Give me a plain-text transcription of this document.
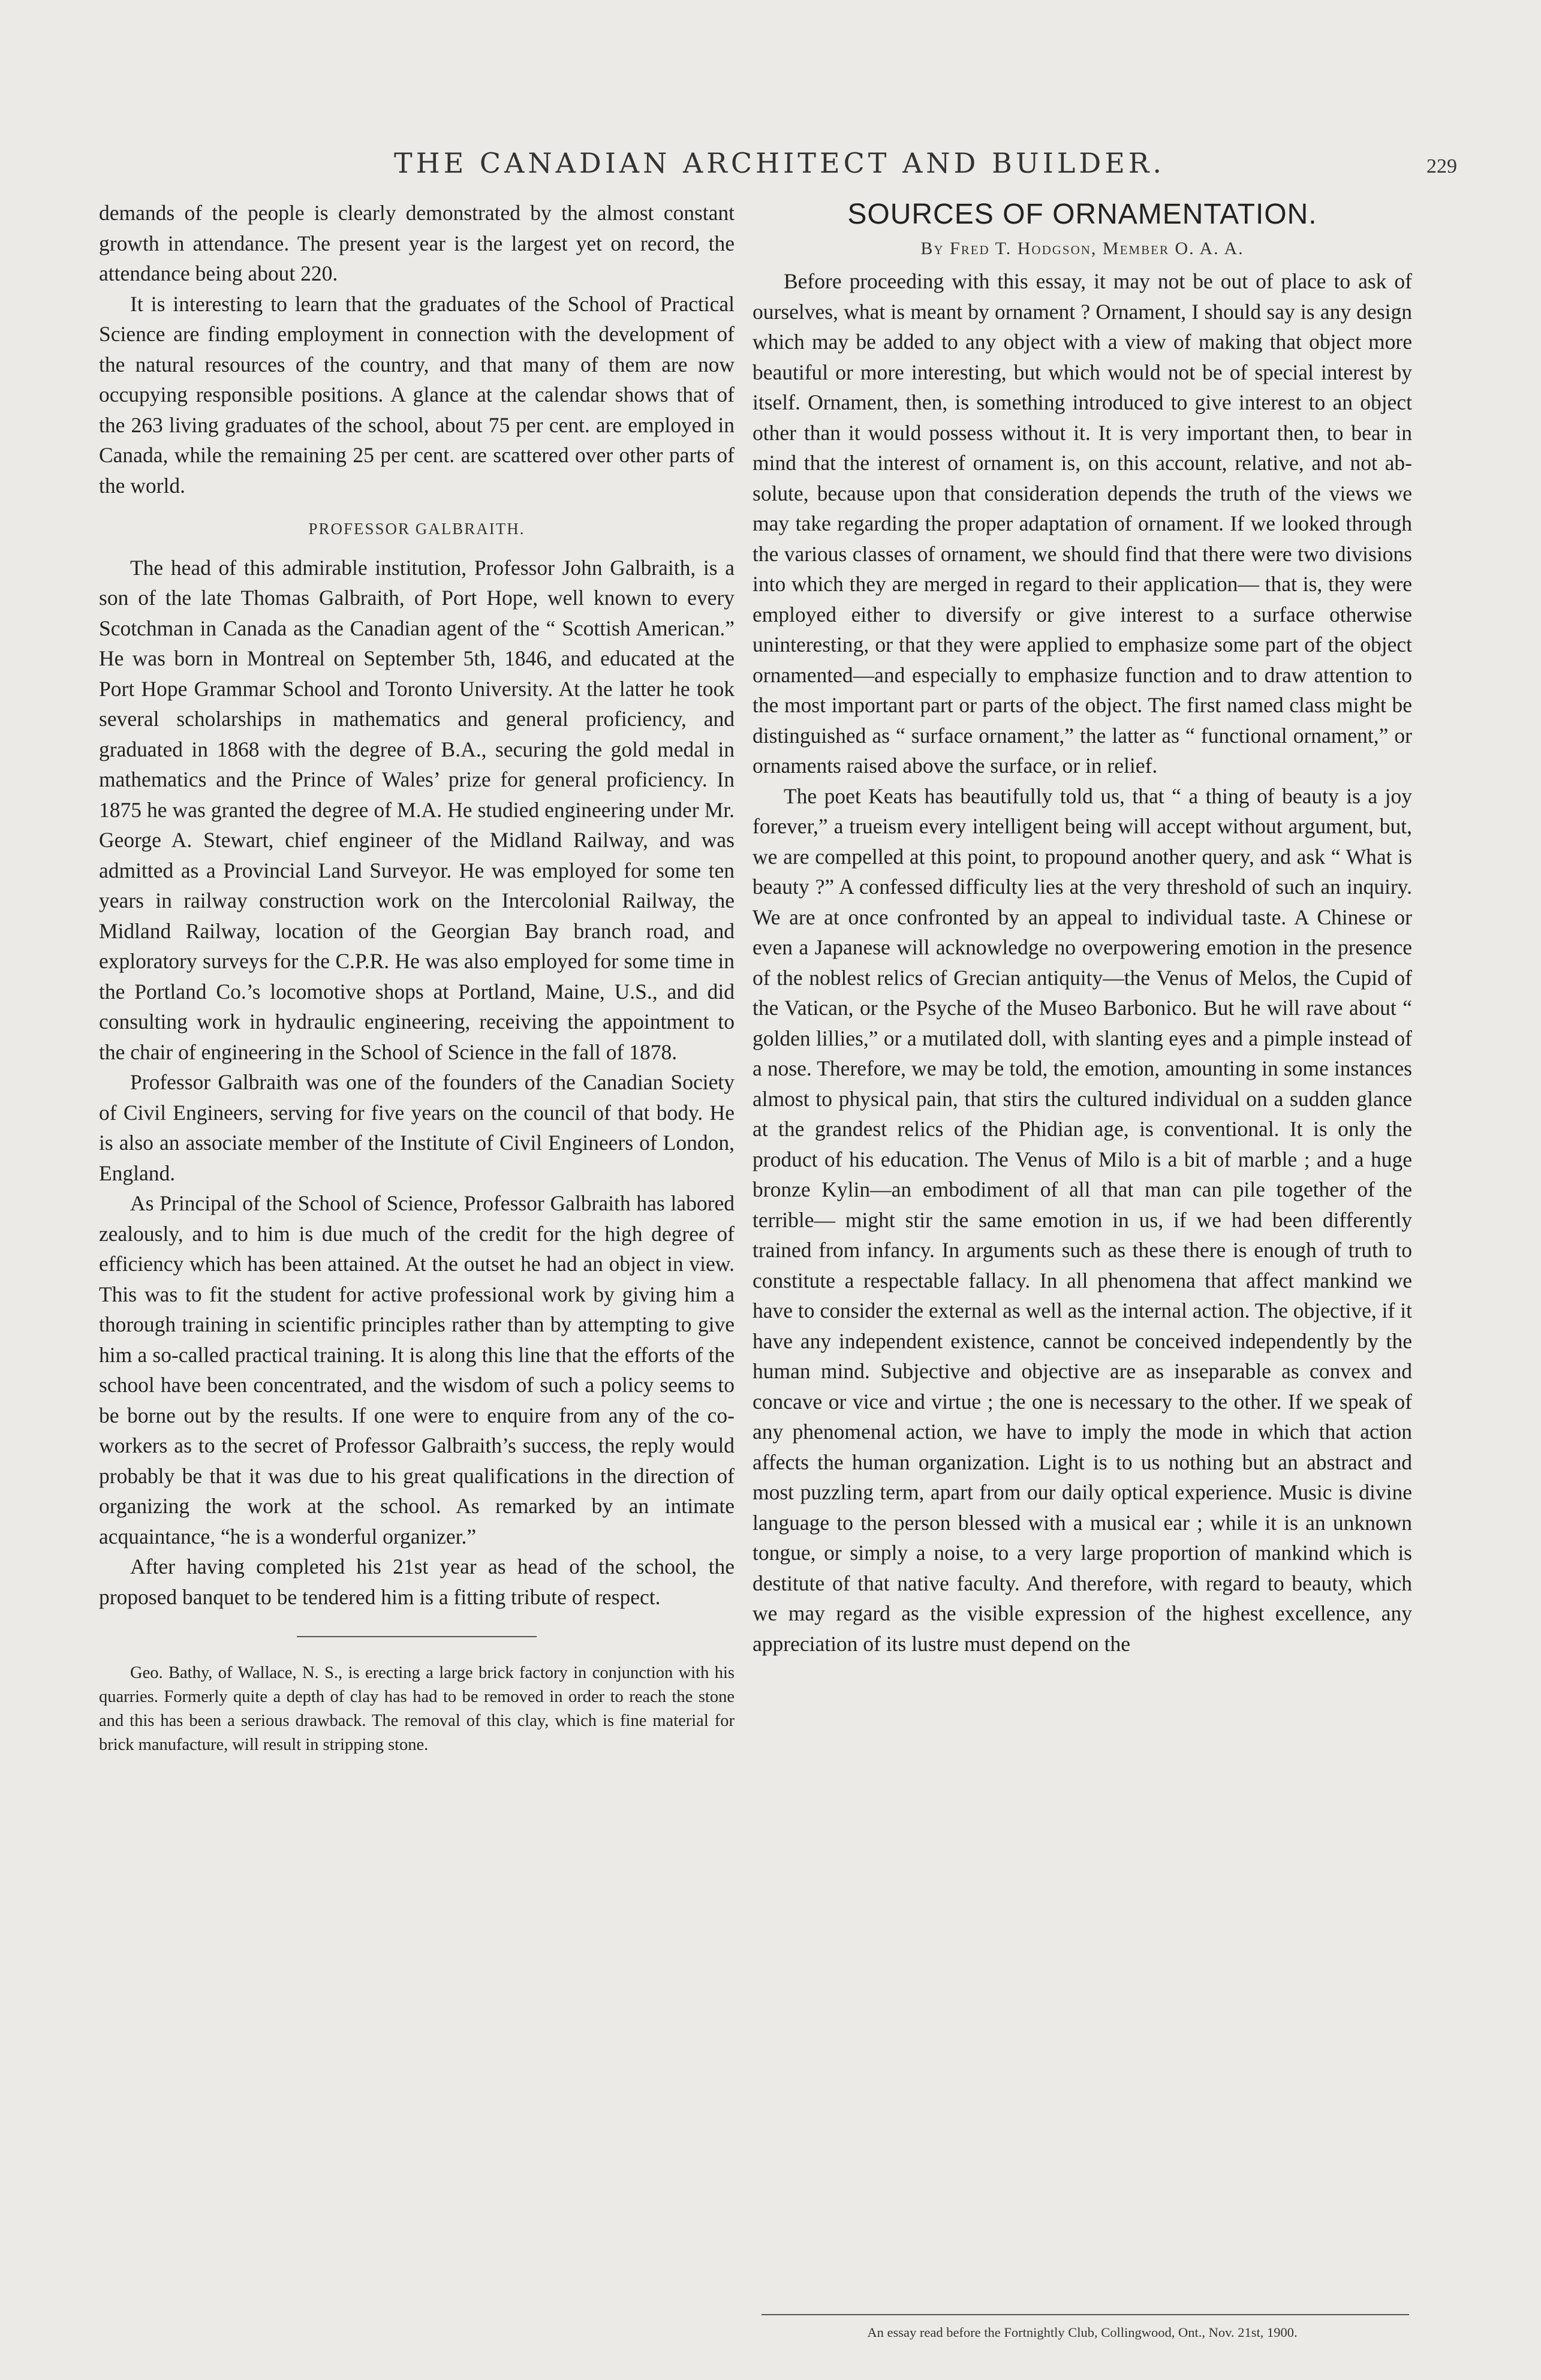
THE CANADIAN ARCHITECT AND BUILDER.	229

demands of the people is clearly demonstrated by the almost constant growth in attendance. The present year is the largest yet on record, the attendance being about 220.

It is interesting to learn that the graduates of the School of Practical Science are finding employment in connection with the development of the natural resources of the country, and that many of them are now occupying responsible positions. A glance at the calendar shows that of the 263 living graduates of the school, about 75 per cent. are employed in Canada, while the remaining 25 per cent. are scattered over other parts of the world.

PROFESSOR GALBRAITH.

The head of this admirable institution, Professor John Galbraith, is a son of the late Thomas Galbraith, of Port Hope, well known to every Scotchman in Canada as the Canadian agent of the “ Scottish American.” He was born in Montreal on September 5th, 1846, and educated at the Port Hope Grammar School and Toronto University. At the latter he took several scholarships in mathematics and general proficiency, and graduated in 1868 with the degree of B.A., securing the gold medal in mathematics and the Prince of Wales’ prize for general proficiency. In 1875 he was granted the degree of M.A. He studied engineering under Mr. George A. Stewart, chief engineer of the Midland Railway, and was admitted as a Provincial Land Surveyor. He was employed for some ten years in railway construction work on the Intercolonial Railway, the Midland Railway, location of the Georgian Bay branch road, and exploratory surveys for the C.P.R. He was also employed for some time in the Portland Co.’s locomotive shops at Portland, Maine, U.S., and did consulting work in hydraulic engineering, receiving the appointment to the chair of engineering in the School of Science in the fall of 1878.

Professor Galbraith was one of the founders of the Canadian Society of Civil Engineers, serving for five years on the council of that body. He is also an associate member of the Institute of Civil Engineers of London, England.

As Principal of the School of Science, Professor Galbraith has labored zealously, and to him is due much of the credit for the high degree of efficiency which has been attained. At the outset he had an object in view. This was to fit the student for active professional work by giving him a thorough training in scientific principles rather than by attempting to give him a so-called practical training. It is along this line that the efforts of the school have been concentrated, and the wisdom of such a policy seems to be borne out by the results. If one were to enquire from any of the co-workers as to the secret of Professor Galbraith’s success, the reply would probably be that it was due to his great qualifications in the direction of organizing the work at the school. As remarked by an intimate acquaintance, “he is a wonderful organizer.”

After having completed his 21st year as head of the school, the proposed banquet to be tendered him is a fitting tribute of respect.

Geo. Bathy, of Wallace, N. S., is erecting a large brick factory in conjunction with his quarries. Formerly quite a depth of clay has had to be removed in order to reach the stone and this has been a serious drawback. The removal of this clay, which is fine material for brick manufacture, will result in stripping stone.

SOURCES OF ORNAMENTATION.
By Fred T. Hodgson, Member O. A. A.

Before proceeding with this essay, it may not be out of place to ask of ourselves, what is meant by ornament ? Ornament, I should say is any design which may be added to any object with a view of making that object more beautiful or more interesting, but which would not be of special interest by itself. Ornament, then, is something introduced to give interest to an object other than it would possess without it. It is very important then, to bear in mind that the interest of ornament is, on this account, relative, and not absolute, because upon that consideration depends the truth of the views we may take regarding the proper adaptation of ornament. If we looked through the various classes of ornament, we should find that there were two divisions into which they are merged in regard to their application— that is, they were employed either to diversify or give interest to a surface otherwise uninteresting, or that they were applied to emphasize some part of the object ornamented—and especially to emphasize function and to draw attention to the most important part or parts of the object. The first named class might be distinguished as “ surface ornament,” the latter as “ functional ornament,” or ornaments raised above the surface, or in relief.

The poet Keats has beautifully told us, that “ a thing of beauty is a joy forever,” a trueism every intelligent being will accept without argument, but, we are compelled at this point, to propound another query, and ask “ What is beauty ?” A confessed difficulty lies at the very threshold of such an inquiry. We are at once confronted by an appeal to individual taste. A Chinese or even a Japanese will acknowledge no overpowering emotion in the presence of the noblest relics of Grecian antiquity—the Venus of Melos, the Cupid of the Vatican, or the Psyche of the Museo Barbonico. But he will rave about “ golden lillies,” or a mutilated doll, with slanting eyes and a pimple instead of a nose. Therefore, we may be told, the emotion, amounting in some instances almost to physical pain, that stirs the cultured individual on a sudden glance at the grandest relics of the Phidian age, is conventional. It is only the product of his education. The Venus of Milo is a bit of marble ; and a huge bronze Kylin—an embodiment of all that man can pile together of the terrible— might stir the same emotion in us, if we had been differently trained from infancy. In arguments such as these there is enough of truth to constitute a respectable fallacy. In all phenomena that affect mankind we have to consider the external as well as the internal action. The objective, if it have any independent existence, cannot be conceived independently by the human mind. Subjective and objective are as inseparable as convex and concave or vice and virtue ; the one is necessary to the other. If we speak of any phenomenal action, we have to imply the mode in which that action affects the human organization. Light is to us nothing but an abstract and most puzzling term, apart from our daily optical experience. Music is divine language to the person blessed with a musical ear ; while it is an unknown tongue, or simply a noise, to a very large proportion of mankind which is destitute of that native faculty. And therefore, with regard to beauty, which we may regard as the visible expression of the highest excellence, any appreciation of its lustre must depend on the

An essay read before the Fortnightly Club, Collingwood, Ont., Nov. 21st, 1900.
